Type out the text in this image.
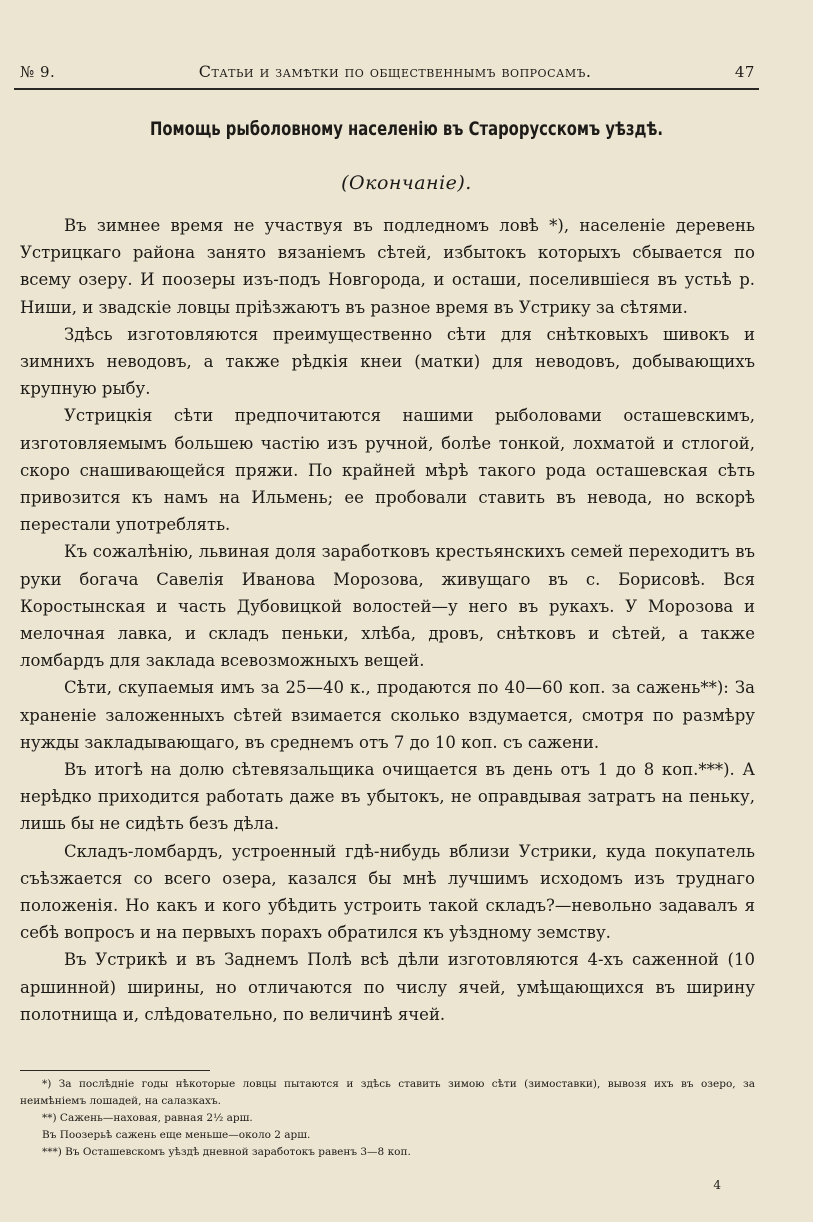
№ 9.	Статьи и замѣтки по общественнымъ вопросамъ.	47
Помощь рыболовному населенію въ Старорусскомъ уѣздѣ.
(Окончаніе).

Въ зимнее время не участвуя въ подледномъ ловѣ *), населеніе деревень Устрицкаго района занято вязаніемъ сѣтей, избытокъ которыхъ сбывается по всему озеру. И поозеры изъ-подъ Новгорода, и осташи, поселившіеся въ устьѣ р. Ниши, и звадскіе ловцы пріѣзжаютъ въ разное время въ Устрику за сѣтями.

Здѣсь изготовляются преимущественно сѣти для снѣтковыхъ шивокъ и зимнихъ неводовъ, а также рѣдкія кнеи (матки) для неводовъ, добывающихъ крупную рыбу.

Устрицкія сѣти предпочитаются нашими рыболовами осташевскимъ, изготовляемымъ большею частію изъ ручной, болѣе тонкой, лохматой и стлогой, скоро снашивающейся пряжи. По крайней мѣрѣ такого рода осташевская сѣть привозится къ намъ на Ильмень; ее пробовали ставить въ невода, но вскорѣ перестали употреблять.

Къ сожалѣнію, львиная доля заработковъ крестьянскихъ семей переходитъ въ руки богача Савелія Иванова Морозова, живущаго въ с. Борисовѣ. Вся Коростынская и часть Дубовицкой волостей—у него въ рукахъ. У Морозова и мелочная лавка, и складъ пеньки, хлѣба, дровъ, снѣтковъ и сѣтей, а также ломбардъ для заклада всевозможныхъ вещей.

Сѣти, скупаемыя имъ за 25—40 к., продаются по 40—60 коп. за сажень**): За храненіе заложенныхъ сѣтей взимается сколько вздумается, смотря по размѣру нужды закладывающаго, въ среднемъ отъ 7 до 10 коп. съ сажени.

Въ итогѣ на долю сѣтевязальщика очищается въ день отъ 1 до 8 коп.***). А нерѣдко приходится работать даже въ убытокъ, не оправдывая затратъ на пеньку, лишь бы не сидѣть безъ дѣла.

Складъ-ломбардъ, устроенный гдѣ-нибудь вблизи Устрики, куда покупатель съѣзжается со всего озера, казался бы мнѣ лучшимъ исходомъ изъ труднаго положенія. Но какъ и кого убѣдить устроить такой складъ?—невольно задавалъ я себѣ вопросъ и на первыхъ порахъ обратился къ уѣздному земству.

Въ Устрикѣ и въ Заднемъ Полѣ всѣ дѣли изготовляются 4-хъ саженной (10 аршинной) ширины, но отличаются по числу ячей, умѣщающихся въ ширину полотнища и, слѣдовательно, по величинѣ ячей.

*) За послѣдніе годы нѣкоторые ловцы пытаются и здѣсь ставить зимою сѣти (зимоставки), вывозя ихъ въ озеро, за неимѣніемъ лошадей, на салазкахъ.

**) Сажень—наховая, равная 2½ арш.

Въ Поозерьѣ сажень еще меньше—около 2 арш.

***) Въ Осташевскомъ уѣздѣ дневной заработокъ равенъ 3—8 коп.

4
